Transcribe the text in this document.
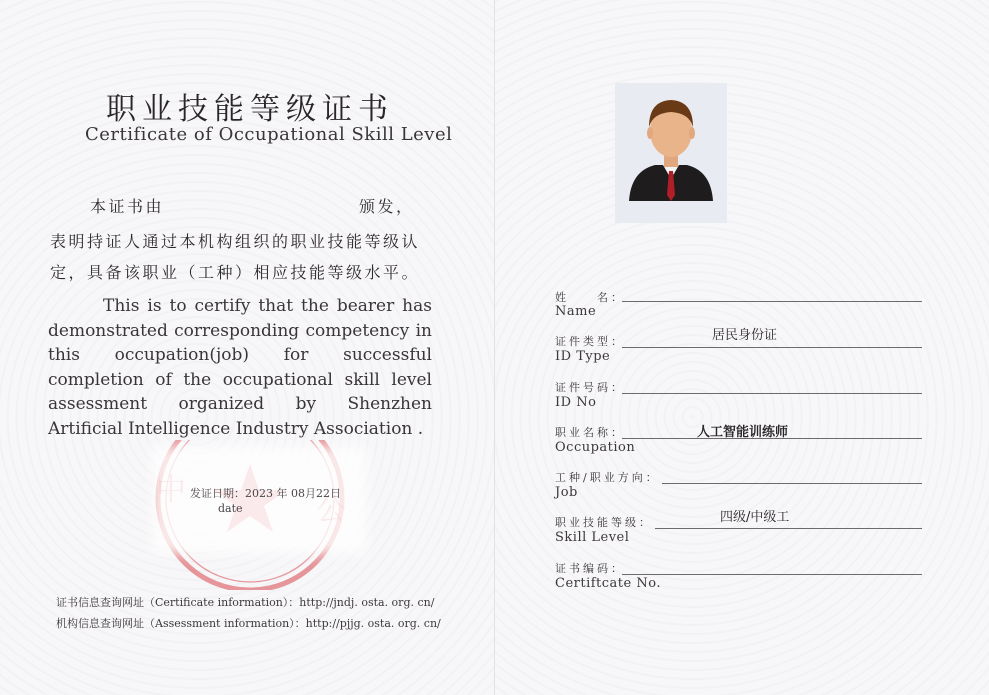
职业技能等级证书
Certificate of Occupational Skill Level
本证书由	颁发，
表明持证人通过本机构组织的职业技能等级认
定，具备该职业（工种）相应技能等级水平。
This is to certify that the bearer has demonstrated corresponding competency in this occupation(job) for successful completion of the occupational skill level assessment organized by Shenzhen Artificial Intelligence Industry Association .
发证日期：2023 年 08月22日
date
证书信息查询网址（Certificate information）：http://jndj. osta. org. cn/
机构信息查询网址（Assessment information）：http://pjjg. osta. org. cn/
姓　　名：
Name
证件类型：	居民身份证
ID Type
证件号码：
ID No
职业名称：	人工智能训练师
Occupation
工种/职业方向：
Job
职业技能等级：	四级/中级工
Skill Level
证书编码：
Certiftcate No.
